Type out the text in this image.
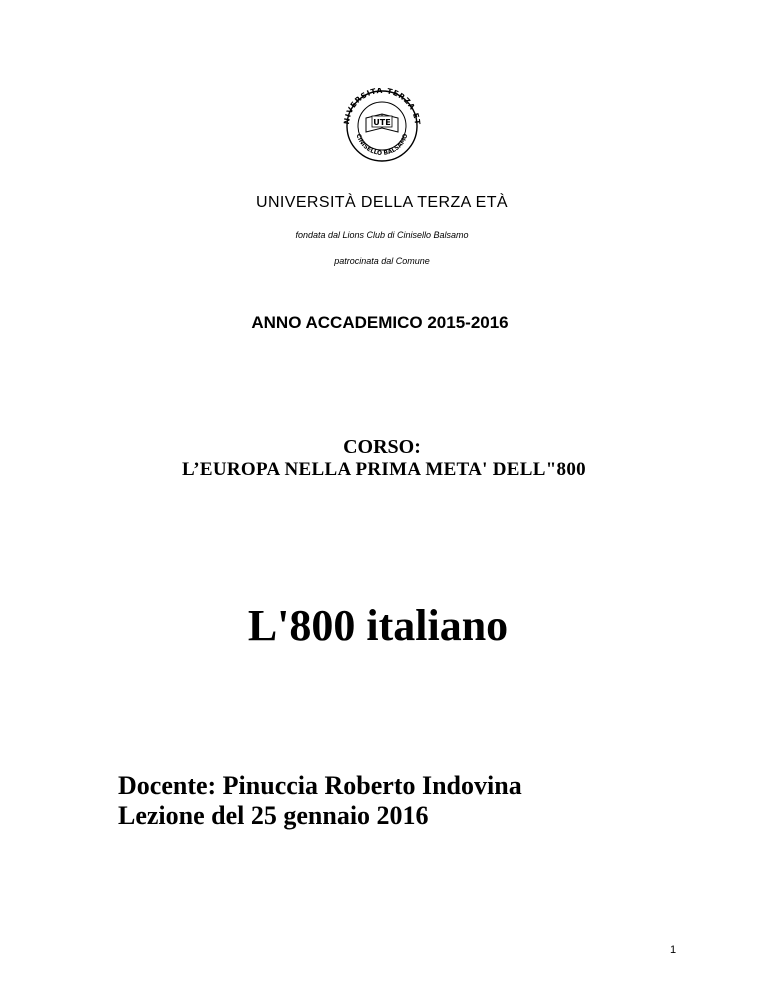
NIVERSITÀ TERZA ET
CINISELLO BALSAMO
UTE

UNIVERSITÀ DELLA TERZA ETÀ

fondata dal Lions Club di Cinisello Balsamo

patrocinata dal Comune

ANNO ACCADEMICO 2015-2016

CORSO:

L’EUROPA NELLA PRIMA META' DELL"800

L'800 italiano

Docente: Pinuccia Roberto Indovina

Lezione del 25 gennaio 2016

1
